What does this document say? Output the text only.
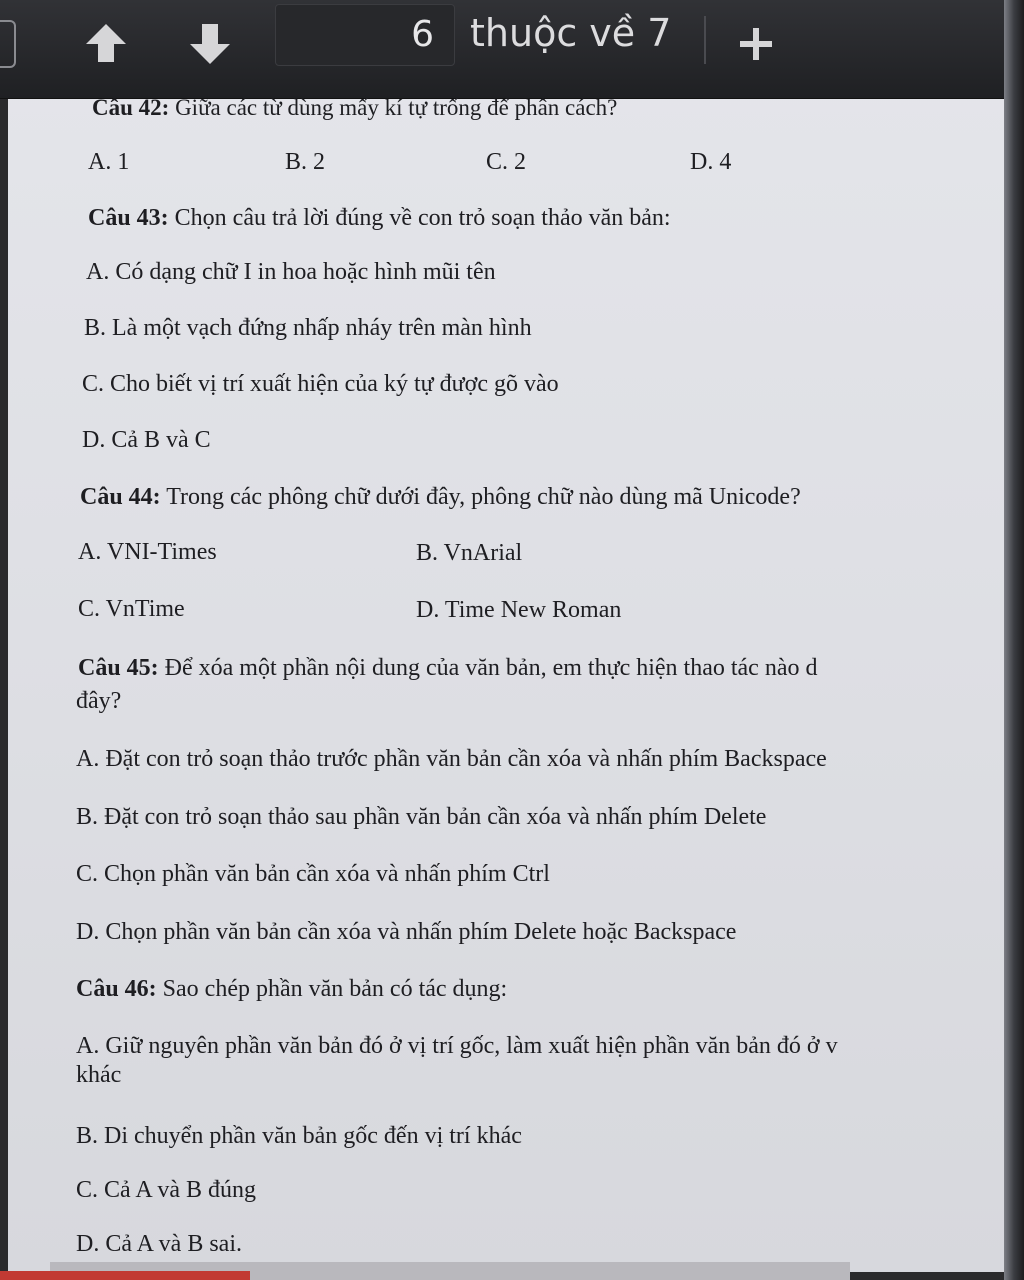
6 thuộc về 7
Câu 42: Giữa các từ dùng mấy kí tự trống để phân cách?
A. 1	B. 2	C. 2	D. 4
Câu 43: Chọn câu trả lời đúng về con trỏ soạn thảo văn bản:
A. Có dạng chữ I in hoa hoặc hình mũi tên
B. Là một vạch đứng nhấp nháy trên màn hình
C. Cho biết vị trí xuất hiện của ký tự được gõ vào
D. Cả B và C
Câu 44: Trong các phông chữ dưới đây, phông chữ nào dùng mã Unicode?
A. VNI-Times	B. VnArial
C. VnTime	D. Time New Roman
Câu 45: Để xóa một phần nội dung của văn bản, em thực hiện thao tác nào d
đây?
A. Đặt con trỏ soạn thảo trước phần văn bản cần xóa và nhấn phím Backspace
B. Đặt con trỏ soạn thảo sau phần văn bản cần xóa và nhấn phím Delete
C. Chọn phần văn bản cần xóa và nhấn phím Ctrl
D. Chọn phần văn bản cần xóa và nhấn phím Delete hoặc Backspace
Câu 46: Sao chép phần văn bản có tác dụng:
A. Giữ nguyên phần văn bản đó ở vị trí gốc, làm xuất hiện phần văn bản đó ở v
khác
B. Di chuyển phần văn bản gốc đến vị trí khác
C. Cả A và B đúng
D. Cả A và B sai.
